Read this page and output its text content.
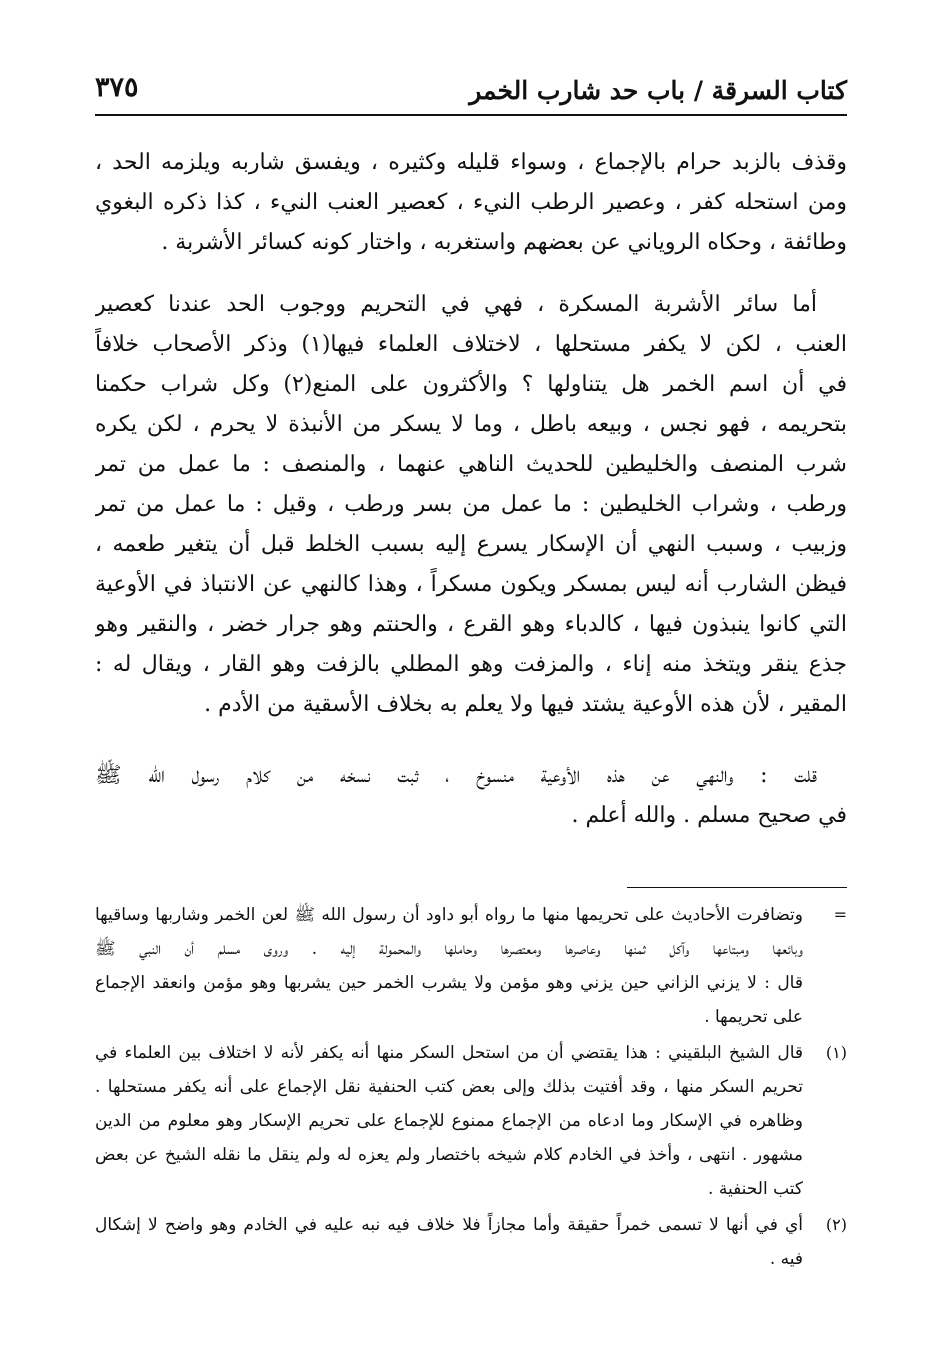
كتاب السرقة / باب حد شارب الخمر
٣٧٥
وقذف بالزبد حرام بالإجماع ، وسواء قليله وكثيره ، ويفسق شاربه ويلزمه الحد ،
ومن استحله كفر ، وعصير الرطب النيء ، كعصير العنب النيء ، كذا ذكره البغوي
وطائفة ، وحكاه الروياني عن بعضهم واستغربه ، واختار كونه كسائر الأشربة .
أما سائر الأشربة المسكرة ، فهي في التحريم ووجوب الحد عندنا كعصير
العنب ، لكن لا يكفر مستحلها ، لاختلاف العلماء فيها(١) وذكر الأصحاب خلافاً
في أن اسم الخمر هل يتناولها ؟ والأكثرون على المنع(٢) وكل شراب حكمنا
بتحريمه ، فهو نجس ، وبيعه باطل ، وما لا يسكر من الأنبذة لا يحرم ، لكن يكره
شرب المنصف والخليطين للحديث الناهي عنهما ، والمنصف : ما عمل من تمر
ورطب ، وشراب الخليطين : ما عمل من بسر ورطب ، وقيل : ما عمل من تمر
وزبيب ، وسبب النهي أن الإسكار يسرع إليه بسبب الخلط قبل أن يتغير طعمه ،
فيظن الشارب أنه ليس بمسكر ويكون مسكراً ، وهذا كالنهي عن الانتباذ في الأوعية
التي كانوا ينبذون فيها ، كالدباء وهو القرع ، والحنتم وهو جرار خضر ، والنقير وهو
جذع ينقر ويتخذ منه إناء ، والمزفت وهو المطلي بالزفت وهو القار ، ويقال له :
المقير ، لأن هذه الأوعية يشتد فيها ولا يعلم به بخلاف الأسقية من الأدم .
قلت : والنهي عن هذه الأوعية منسوخ ، ثبت نسخه من كلام رسول الله ﷺ
في صحيح مسلم . والله أعلم .
=
وتضافرت الأحاديث على تحريمها منها ما رواه أبو داود أن رسول الله ﷺ لعن الخمر وشاربها وساقيها
وبائعها ومبتاعها وآكل ثمنها وعاصرها ومعتصرها وحاملها والمحمولة إليه . وروى مسلم أن النبي ﷺ
قال : لا يزني الزاني حين يزني وهو مؤمن ولا يشرب الخمر حين يشربها وهو مؤمن وانعقد الإجماع
على تحريمها .
(١)
قال الشيخ البلقيني : هذا يقتضي أن من استحل السكر منها أنه يكفر لأنه لا اختلاف بين العلماء في
تحريم السكر منها ، وقد أفتيت بذلك وإلى بعض كتب الحنفية نقل الإجماع على أنه يكفر مستحلها .
وظاهره في الإسكار وما ادعاه من الإجماع ممنوع للإجماع على تحريم الإسكار وهو معلوم من الدين
مشهور . انتهى ، وأخذ في الخادم كلام شيخه باختصار ولم يعزه له ولم ينقل ما نقله الشيخ عن بعض
كتب الحنفية .
(٢)
أي في أنها لا تسمى خمراً حقيقة وأما مجازاً فلا خلاف فيه نبه عليه في الخادم وهو واضح لا إشكال
فيه .
